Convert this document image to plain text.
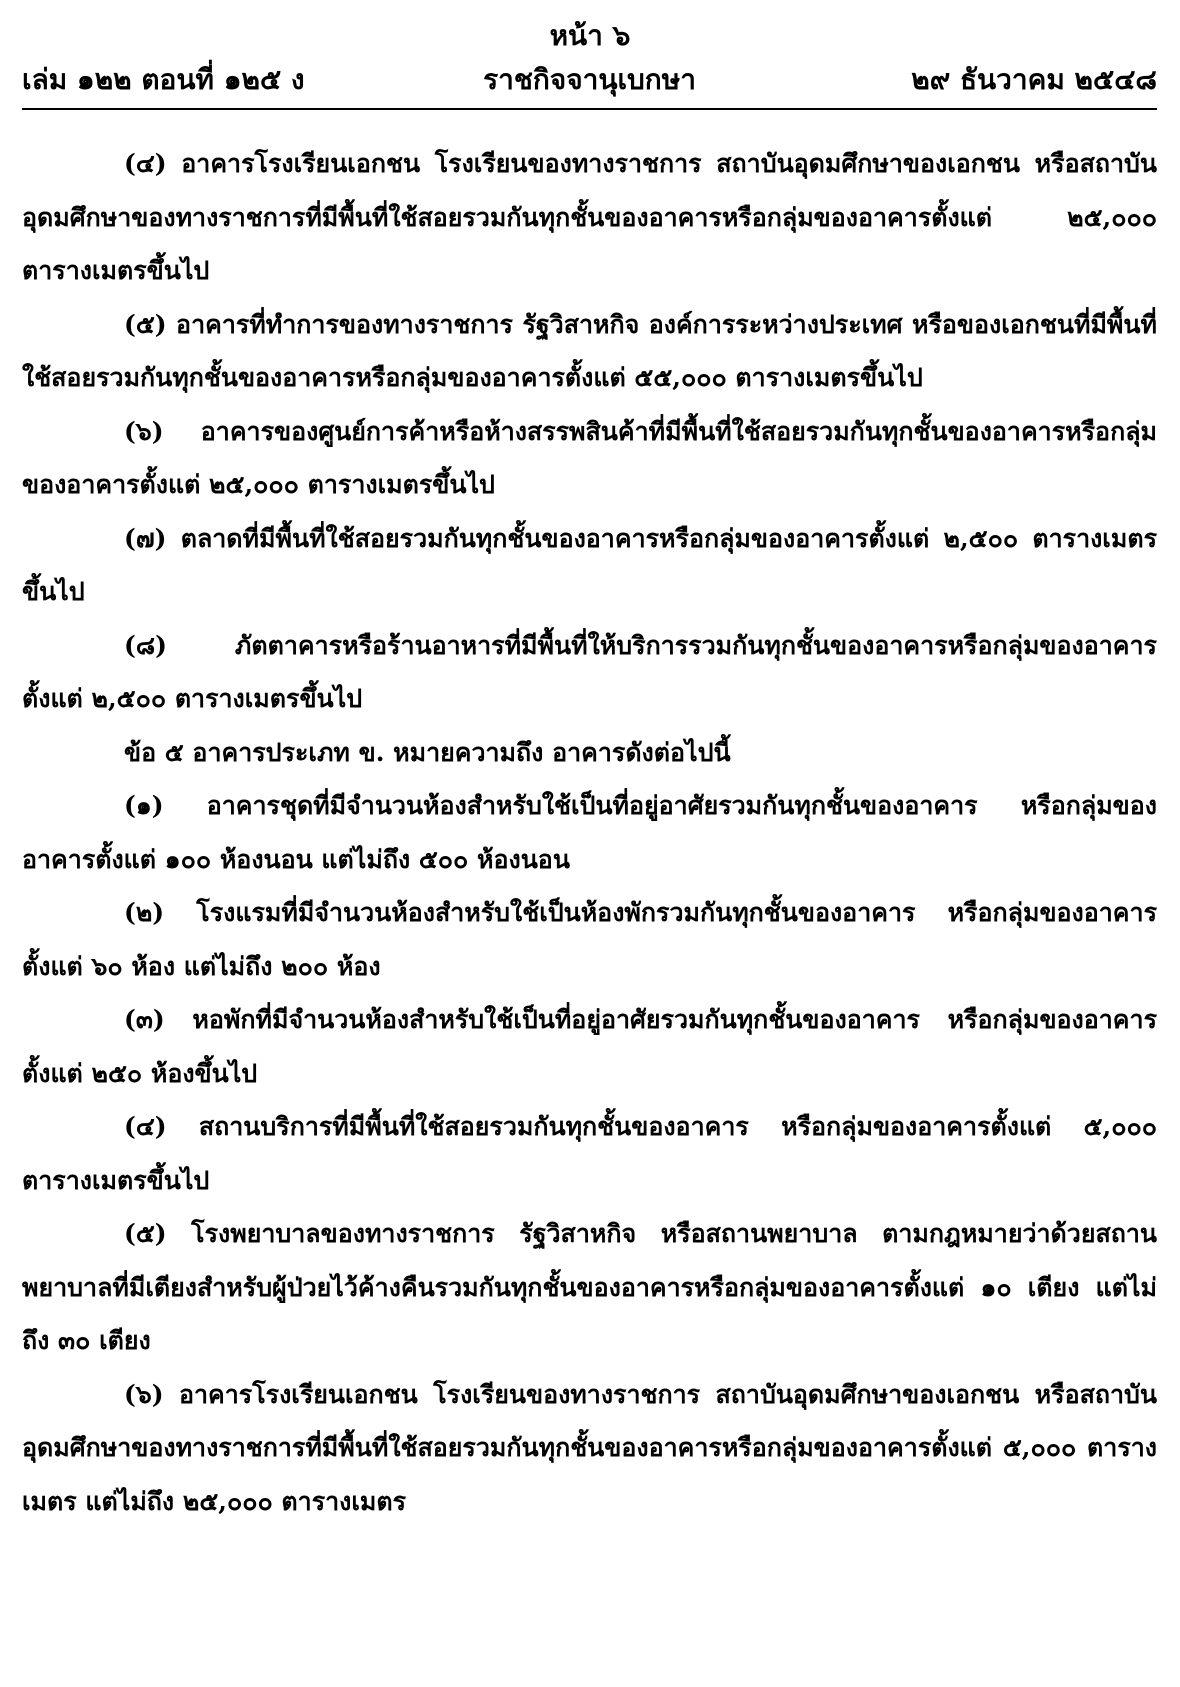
หน้า ๖
เล่ม ๑๒๒ ตอนที่ ๑๒๕ ง	ราชกิจจานุเบกษา	๒๙ ธันวาคม ๒๕๔๘

(๔) อาคารโรงเรียนเอกชน โรงเรียนของทางราชการ สถาบันอุดมศึกษาของเอกชน หรือสถาบันอุดมศึกษาของทางราชการที่มีพื้นที่ใช้สอยรวมกันทุกชั้นของอาคารหรือกลุ่มของอาคารตั้งแต่ ๒๕,๐๐๐ ตารางเมตรขึ้นไป

(๕) อาคารที่ทำการของทางราชการ รัฐวิสาหกิจ องค์การระหว่างประเทศ หรือของเอกชนที่มีพื้นที่ใช้สอยรวมกันทุกชั้นของอาคารหรือกลุ่มของอาคารตั้งแต่ ๕๕,๐๐๐ ตารางเมตรขึ้นไป

(๖) อาคารของศูนย์การค้าหรือห้างสรรพสินค้าที่มีพื้นที่ใช้สอยรวมกันทุกชั้นของอาคารหรือกลุ่มของอาคารตั้งแต่ ๒๕,๐๐๐ ตารางเมตรขึ้นไป

(๗) ตลาดที่มีพื้นที่ใช้สอยรวมกันทุกชั้นของอาคารหรือกลุ่มของอาคารตั้งแต่ ๒,๕๐๐ ตารางเมตรขึ้นไป

(๘) ภัตตาคารหรือร้านอาหารที่มีพื้นที่ให้บริการรวมกันทุกชั้นของอาคารหรือกลุ่มของอาคารตั้งแต่ ๒,๕๐๐ ตารางเมตรขึ้นไป

ข้อ ๕ อาคารประเภท ข. หมายความถึง อาคารดังต่อไปนี้

(๑) อาคารชุดที่มีจำนวนห้องสำหรับใช้เป็นที่อยู่อาศัยรวมกันทุกชั้นของอาคาร หรือกลุ่มของอาคารตั้งแต่ ๑๐๐ ห้องนอน แต่ไม่ถึง ๕๐๐ ห้องนอน

(๒) โรงแรมที่มีจำนวนห้องสำหรับใช้เป็นห้องพักรวมกันทุกชั้นของอาคาร หรือกลุ่มของอาคารตั้งแต่ ๖๐ ห้อง แต่ไม่ถึง ๒๐๐ ห้อง

(๓) หอพักที่มีจำนวนห้องสำหรับใช้เป็นที่อยู่อาศัยรวมกันทุกชั้นของอาคาร หรือกลุ่มของอาคารตั้งแต่ ๒๕๐ ห้องขึ้นไป

(๔) สถานบริการที่มีพื้นที่ใช้สอยรวมกันทุกชั้นของอาคาร หรือกลุ่มของอาคารตั้งแต่ ๕,๐๐๐ ตารางเมตรขึ้นไป

(๕) โรงพยาบาลของทางราชการ รัฐวิสาหกิจ หรือสถานพยาบาล ตามกฎหมายว่าด้วยสถานพยาบาลที่มีเตียงสำหรับผู้ป่วยไว้ค้างคืนรวมกันทุกชั้นของอาคารหรือกลุ่มของอาคารตั้งแต่ ๑๐ เตียง แต่ไม่ถึง ๓๐ เตียง

(๖) อาคารโรงเรียนเอกชน โรงเรียนของทางราชการ สถาบันอุดมศึกษาของเอกชน หรือสถาบันอุดมศึกษาของทางราชการที่มีพื้นที่ใช้สอยรวมกันทุกชั้นของอาคารหรือกลุ่มของอาคารตั้งแต่ ๕,๐๐๐ ตารางเมตร แต่ไม่ถึง ๒๕,๐๐๐ ตารางเมตร
